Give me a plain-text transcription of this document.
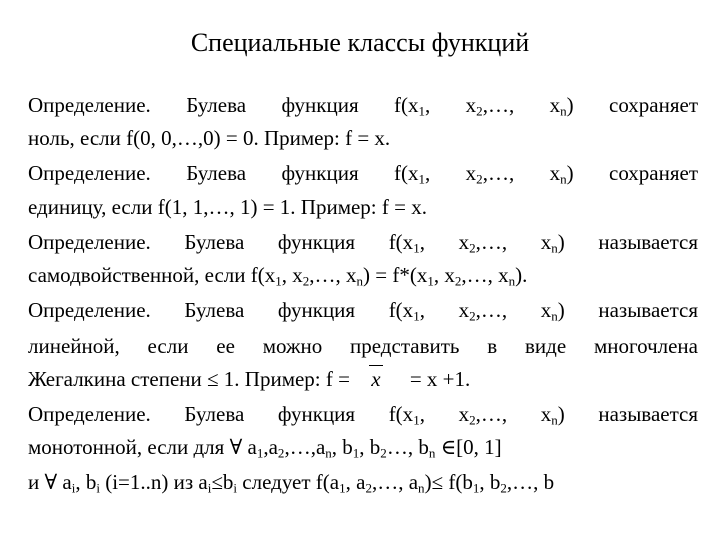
Специальные классы функций
Определение. Булева функция $f(x_1$, $x_2,\dots$, $x_n$) сохраняет
ноль, если f(0, 0,…,0) = 0. Пример: f = x.
Определение. Булева функция $f(x_1$, $x_2,\dots$, $x_n$) сохраняет
единицу, если f(1, 1,…, 1) = 1. Пример: f = x.
Определение. Булева функция $f(x_1$, $x_2,\dots$, $x_n$) называется
самодвойственной, если $f(x_1$, $x_2,\dots$, $x_n) = f*(x_1$, $x_2,\dots$, $x_n$).
Определение. Булева функция $f(x_1$, $x_2,\dots$, $x_n$) называется
линейной, если ее можно представить в виде многочлена
Жегалкина степени ≤ 1. Пример: f = x = x +1.
Определение. Булева функция $f(x_1$, $x_2,\dots$, $x_n$) называется
монотонной, если для ∀ $a_1,a_2,\dots,a_n$, $b_1$, $b_2\dots$, $b_n$ ∈[0, 1]
и ∀ $a_i$, $b_i$ (i=1..n) из $a_i\le b_i$ следует $f(a_1$, $a_2,\dots$, $a_n)\le f(b_1$, $b_2,\dots$, b
